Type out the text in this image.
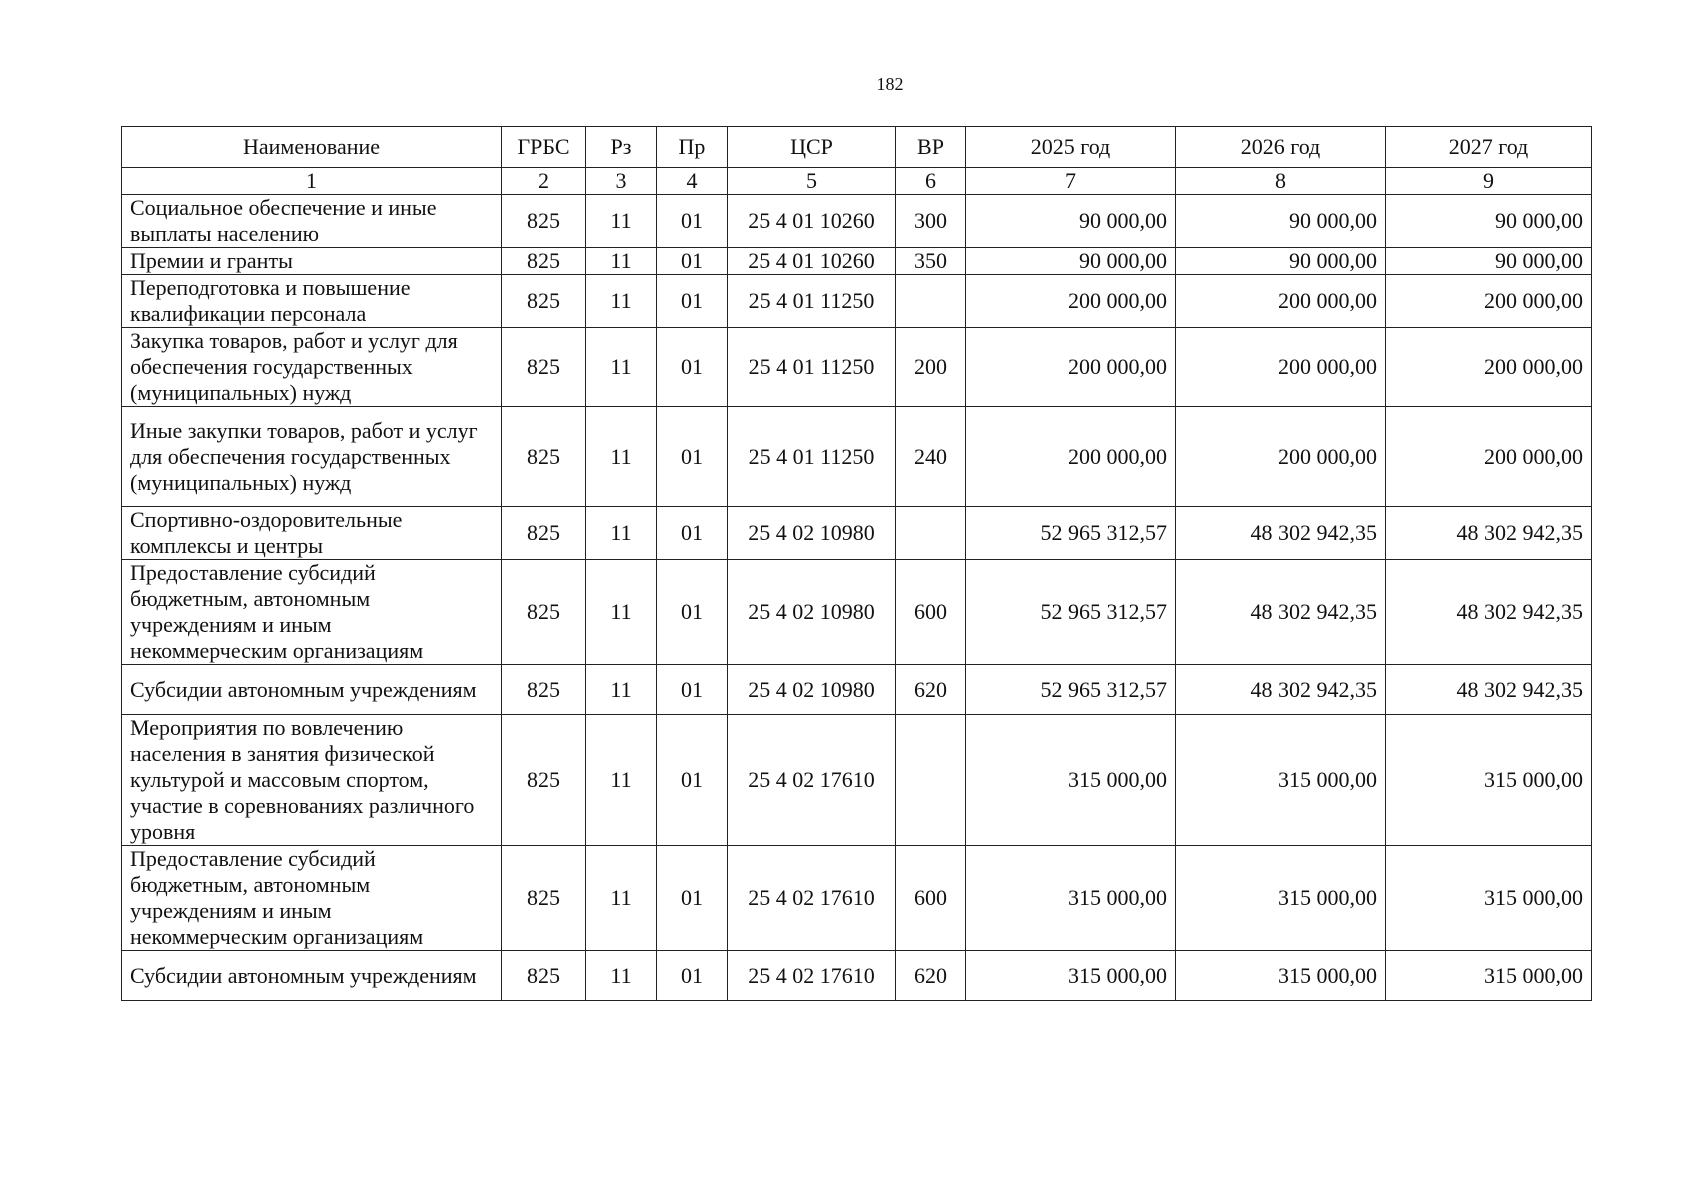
182
Наименование	ГРБС	Рз	Пр	ЦСР	ВР	2025 год	2026 год	2027 год
1	2	3	4	5	6	7	8	9
Социальное обеспечение и иные выплаты населению	825	11	01	25 4 01 10260	300	90 000,00	90 000,00	90 000,00
Премии и гранты	825	11	01	25 4 01 10260	350	90 000,00	90 000,00	90 000,00
Переподготовка и повышение квалификации персонала	825	11	01	25 4 01 11250		200 000,00	200 000,00	200 000,00
Закупка товаров, работ и услуг для обеспечения государственных (муниципальных) нужд	825	11	01	25 4 01 11250	200	200 000,00	200 000,00	200 000,00
Иные закупки товаров, работ и услуг для обеспечения государственных (муниципальных) нужд	825	11	01	25 4 01 11250	240	200 000,00	200 000,00	200 000,00
Спортивно-оздоровительные комплексы и центры	825	11	01	25 4 02 10980		52 965 312,57	48 302 942,35	48 302 942,35
Предоставление субсидий бюджетным, автономным учреждениям и иным некоммерческим организациям	825	11	01	25 4 02 10980	600	52 965 312,57	48 302 942,35	48 302 942,35
Субсидии автономным учреждениям	825	11	01	25 4 02 10980	620	52 965 312,57	48 302 942,35	48 302 942,35
Мероприятия по вовлечению населения в занятия физической культурой и массовым спортом, участие в соревнованиях различного уровня	825	11	01	25 4 02 17610		315 000,00	315 000,00	315 000,00
Предоставление субсидий бюджетным, автономным учреждениям и иным некоммерческим организациям	825	11	01	25 4 02 17610	600	315 000,00	315 000,00	315 000,00
Субсидии автономным учреждениям	825	11	01	25 4 02 17610	620	315 000,00	315 000,00	315 000,00
